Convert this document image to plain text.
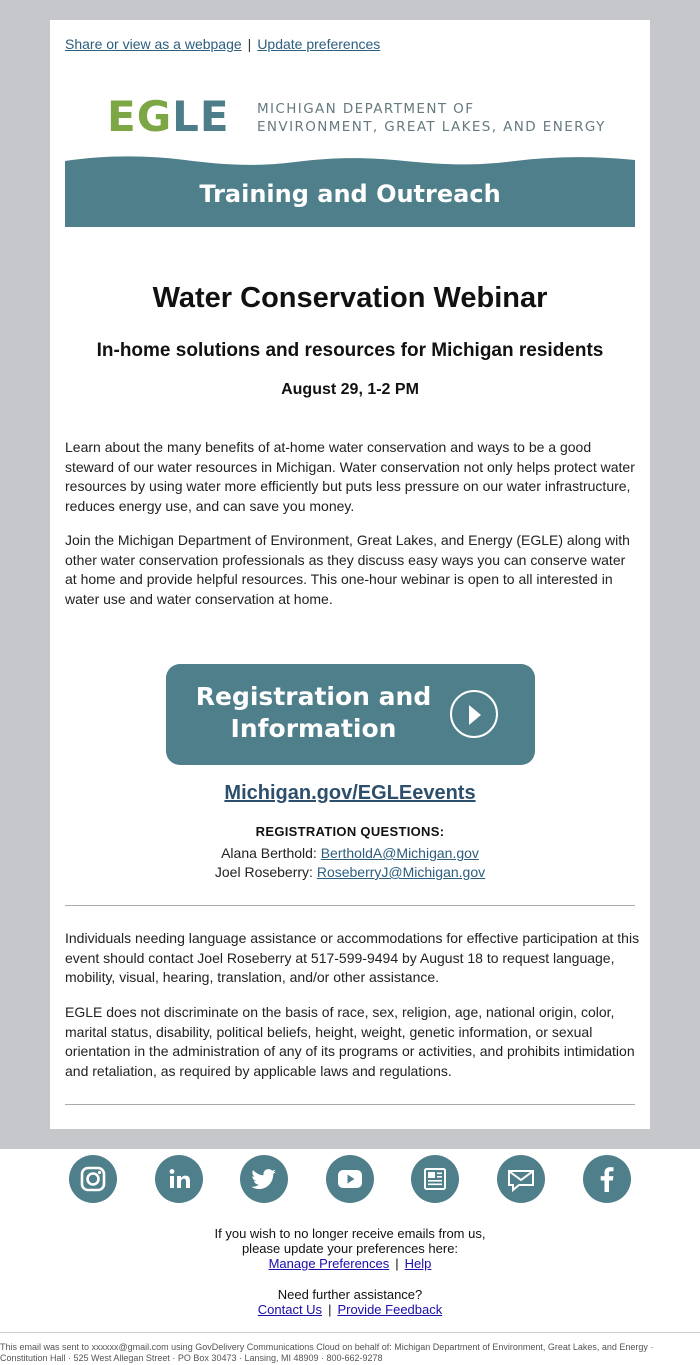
Share or view as a webpage | Update preferences
EGLE MICHIGAN DEPARTMENT OF
ENVIRONMENT, GREAT LAKES, AND ENERGY
Training and Outreach
Water Conservation Webinar
In-home solutions and resources for Michigan residents
August 29, 1-2 PM

Learn about the many benefits of at-home water conservation and ways to be a good steward of our water resources in Michigan. Water conservation not only helps protect water resources by using water more efficiently but puts less pressure on our water infrastructure, reduces energy use, and can save you money.

Join the Michigan Department of Environment, Great Lakes, and Energy (EGLE) along with other water conservation professionals as they discuss easy ways you can conserve water at home and provide helpful resources. This one-hour webinar is open to all interested in water use and water conservation at home.

Registration and
Information
Michigan.gov/EGLEevents
REGISTRATION QUESTIONS:
Alana Berthold: BertholdA@Michigan.gov
Joel Roseberry: RoseberryJ@Michigan.gov

Individuals needing language assistance or accommodations for effective participation at this event should contact Joel Roseberry at 517-599-9494 by August 18 to request language, mobility, visual, hearing, translation, and/or other assistance.

EGLE does not discriminate on the basis of race, sex, religion, age, national origin, color, marital status, disability, political beliefs, height, weight, genetic information, or sexual orientation in the administration of any of its programs or activities, and prohibits intimidation and retaliation, as required by applicable laws and regulations.

If you wish to no longer receive emails from us,
please update your preferences here:
Manage Preferences | Help
Need further assistance?
Contact Us | Provide Feedback
This email was sent to xxxxxx@gmail.com using GovDelivery Communications Cloud on behalf of: Michigan Department of Environment, Great Lakes, and Energy · Constitution Hall · 525 West Allegan Street · PO Box 30473 · Lansing, MI 48909 · 800-662-9278
